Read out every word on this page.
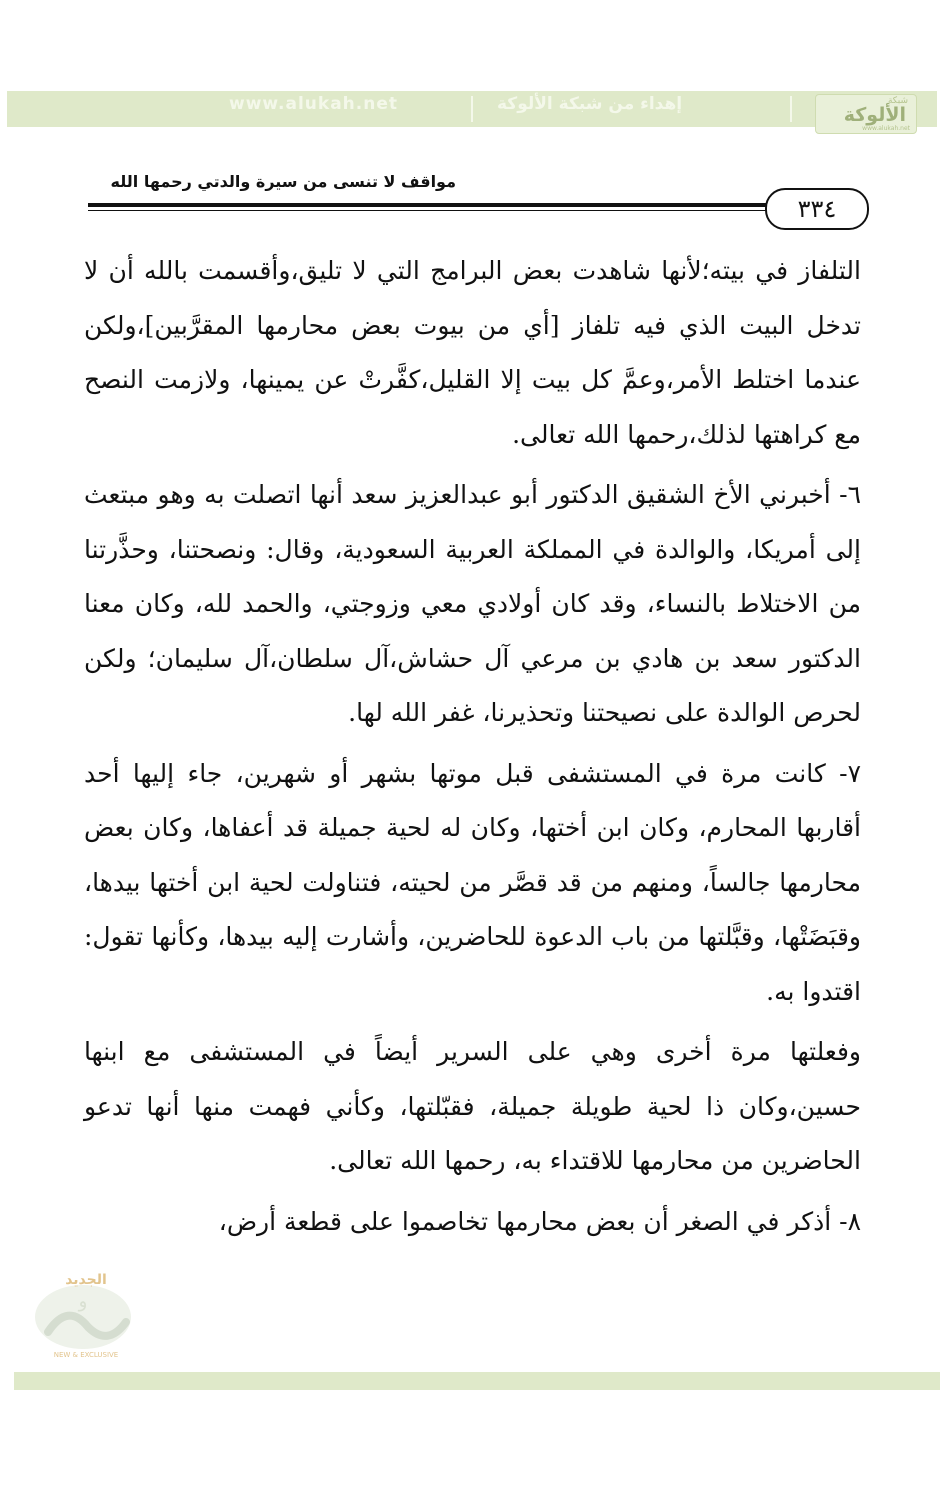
www.alukah.net	إهداء من شبكة الألوكة	شبكة
الألوكة
www.alukah.net
مواقف لا تنسى من سيرة والدتي رحمها الله
٣٣٤

التلفاز في بيته؛لأنها شاهدت بعض البرامج التي لا تليق،وأقسمت بالله أن لا تدخل البيت الذي فيه تلفاز [أي من بيوت بعض محارمها المقرَّبين]،ولكن عندما اختلط الأمر،وعمَّ كل بيت إلا القليل،كفَّرتْ عن يمينها، ولازمت النصح مع كراهتها لذلك،رحمها الله تعالى.

٦- أخبرني الأخ الشقيق الدكتور أبو عبدالعزيز سعد أنها اتصلت به وهو مبتعث إلى أمريكا، والوالدة في المملكة العربية السعودية، وقال: ونصحتنا، وحذَّرتنا من الاختلاط بالنساء، وقد كان أولادي معي وزوجتي، والحمد لله، وكان معنا الدكتور سعد بن هادي بن مرعي آل حشاش،آل سلطان،آل سليمان؛ ولكن لحرص الوالدة على نصيحتنا وتحذيرنا، غفر الله لها.

٧- كانت مرة في المستشفى قبل موتها بشهر أو شهرين، جاء إليها أحد أقاربها المحارم، وكان ابن أختها، وكان له لحية جميلة قد أعفاها، وكان بعض محارمها جالساً، ومنهم من قد قصَّر من لحيته، فتناولت لحية ابن أختها بيدها، وقبَضَتْها، وقبَّلتها من باب الدعوة للحاضرين، وأشارت إليه بيدها، وكأنها تقول: اقتدوا به.

وفعلتها مرة أخرى وهي على السرير أيضاً في المستشفى مع ابنها حسين،وكان ذا لحية طويلة جميلة، فقبّلتها، وكأني فهمت منها أنها تدعو الحاضرين من محارمها للاقتداء به، رحمها الله تعالى.

٨- أذكر في الصغر أن بعض محارمها تخاصموا على قطعة أرض،

الجديد
و
NEW & EXCLUSIVE
